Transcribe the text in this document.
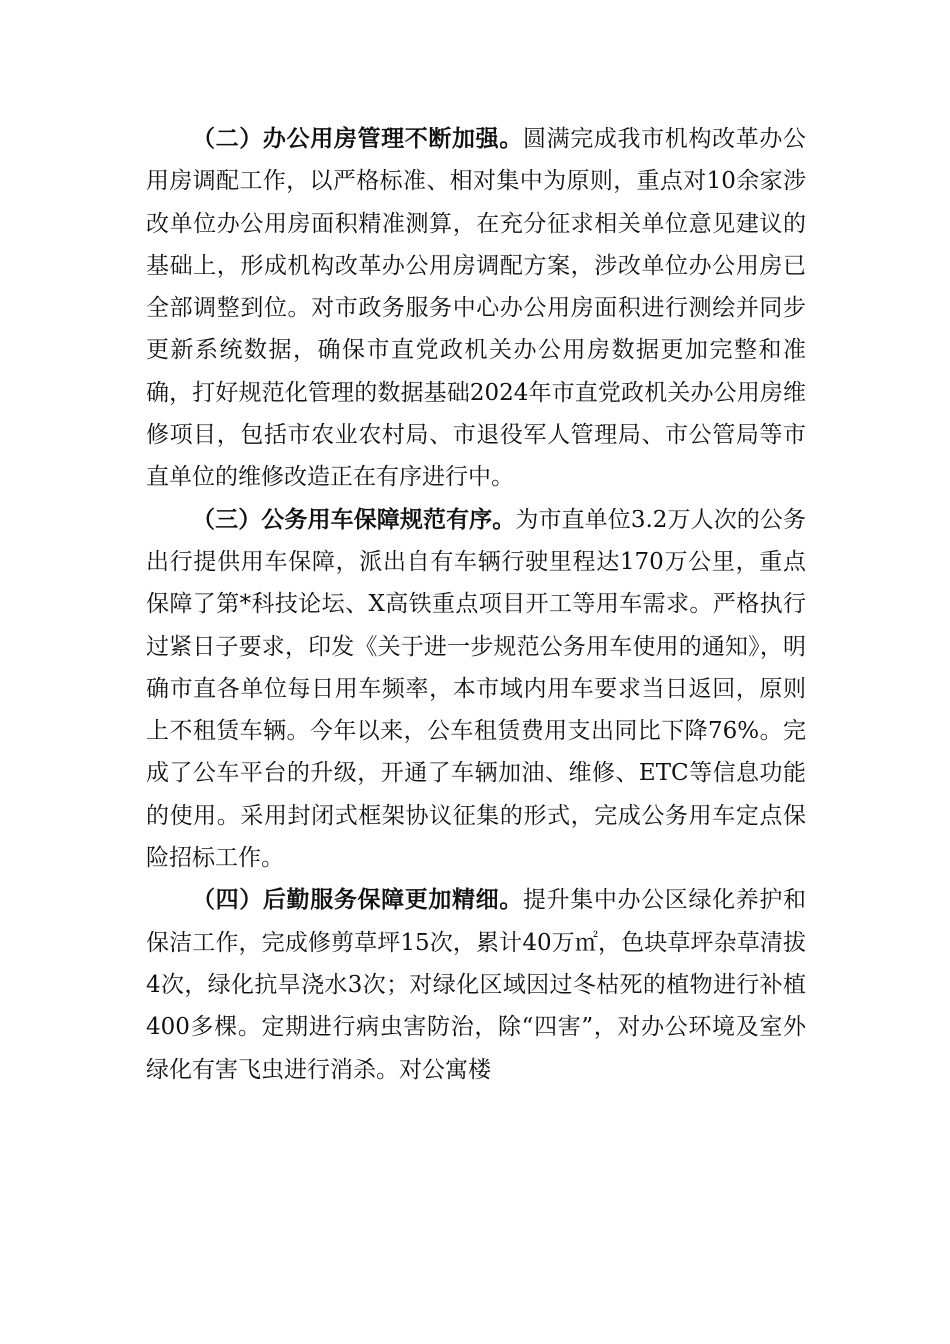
（二）办公用房管理不断加强。圆满完成我市机构改革办公用房调配工作，以严格标准、相对集中为原则，重点对10余家涉改单位办公用房面积精准测算，在充分征求相关单位意见建议的基础上，形成机构改革办公用房调配方案，涉改单位办公用房已全部调整到位。对市政务服务中心办公用房面积进行测绘并同步更新系统数据，确保市直党政机关办公用房数据更加完整和准确，打好规范化管理的数据基础2024年市直党政机关办公用房维修项目，包括市农业农村局、市退役军人管理局、市公管局等市直单位的维修改造正在有序进行中。

（三）公务用车保障规范有序。为市直单位3.2万人次的公务出行提供用车保障，派出自有车辆行驶里程达170万公里，重点保障了第*科技论坛、X高铁重点项目开工等用车需求。严格执行过紧日子要求，印发《关于进一步规范公务用车使用的通知》，明确市直各单位每日用车频率，本市域内用车要求当日返回，原则上不租赁车辆。今年以来，公车租赁费用支出同比下降76%。完成了公车平台的升级，开通了车辆加油、维修、ETC等信息功能的使用。采用封闭式框架协议征集的形式，完成公务用车定点保险招标工作。

（四）后勤服务保障更加精细。提升集中办公区绿化养护和保洁工作，完成修剪草坪15次，累计40万㎡，色块草坪杂草清拔4次，绿化抗旱浇水3次；对绿化区域因过冬枯死的植物进行补植400多棵。定期进行病虫害防治，除“四害”，对办公环境及室外绿化有害飞虫进行消杀。对公寓楼
